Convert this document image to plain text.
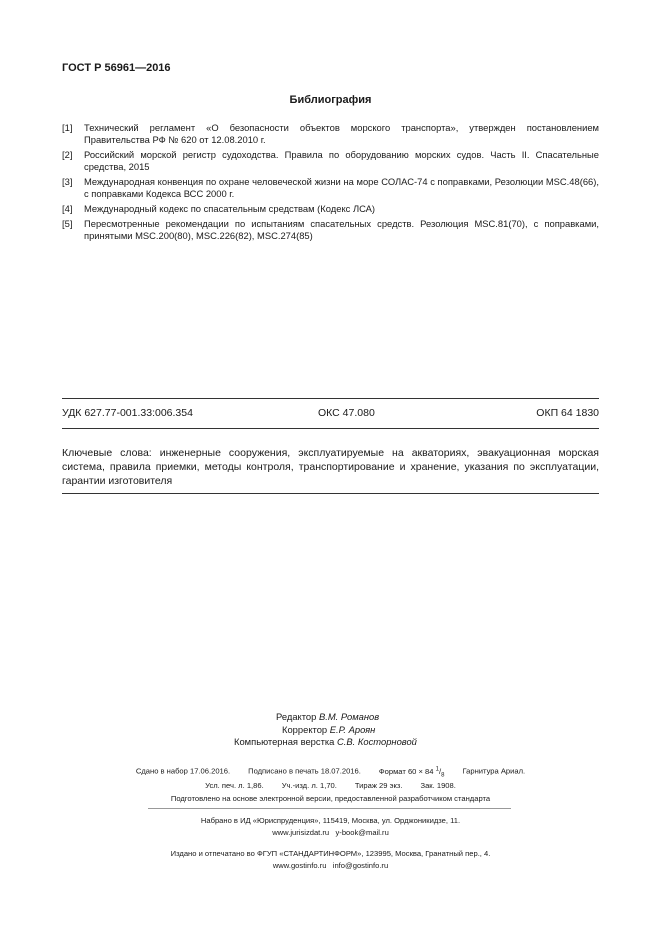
ГОСТ Р 56961—2016
Библиография
[1]	Технический регламент «О безопасности объектов морского транспорта», утвержден постановлением Правительства РФ № 620 от 12.08.2010 г.
[2]	Российский морской регистр судоходства. Правила по оборудованию морских судов. Часть II. Спасательные средства, 2015
[3]	Международная конвенция по охране человеческой жизни на море СОЛАС-74 с поправками, Резолюции MSC.48(66), с поправками Кодекса ВСС 2000 г.
[4]	Международный кодекс по спасательным средствам (Кодекс ЛСА)
[5]	Пересмотренные рекомендации по испытаниям спасательных средств. Резолюция MSC.81(70), с поправками, принятыми MSC.200(80), MSC.226(82), MSC.274(85)
УДК 627.77-001.33:006.354	ОКС 47.080	ОКП 64 1830
Ключевые слова: инженерные сооружения, эксплуатируемые на акваториях, эвакуационная морская система, правила приемки, методы контроля, транспортирование и хранение, указания по эксплуатации, гарантии изготовителя
Редактор В.М. Романов
Корректор Е.Р. Ароян
Компьютерная верстка С.В. Косторновой
Сдано в набор 17.06.2016. Подписано в печать 18.07.2016. Формат 60 × 84 $^1/_8$ Гарнитура Ариал.
Усл. печ. л. 1,86. Уч.-изд. л. 1,70. Тираж 29 экз. Зак. 1908.
Подготовлено на основе электронной версии, предоставленной разработчиком стандарта
Набрано в ИД «Юриспруденция», 115419, Москва, ул. Орджоникидзе, 11.
www.jurisizdat.ru y-book@mail.ru
Издано и отпечатано во ФГУП «СТАНДАРТИНФОРМ», 123995, Москва, Гранатный пер., 4.
www.gostinfo.ru info@gostinfo.ru
